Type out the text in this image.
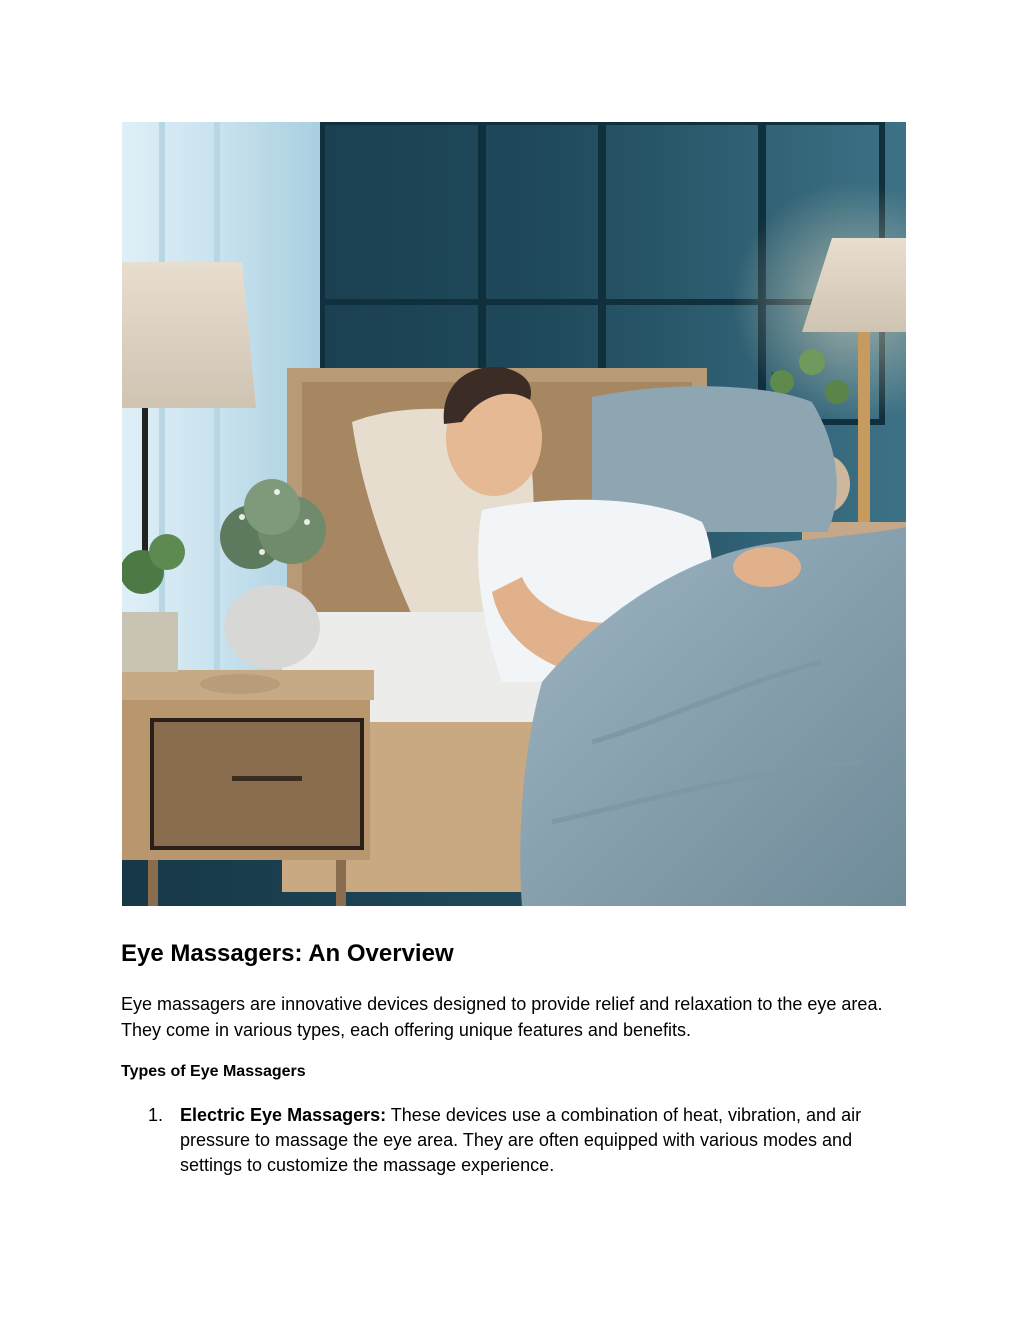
Eye Massagers: An Overview

Eye massagers are innovative devices designed to provide relief and relaxation to the eye area.
They come in various types, each offering unique features and benefits.

Types of Eye Massagers
1. Electric Eye Massagers: These devices use a combination of heat, vibration, and air
pressure to massage the eye area. They are often equipped with various modes and
settings to customize the massage experience.
